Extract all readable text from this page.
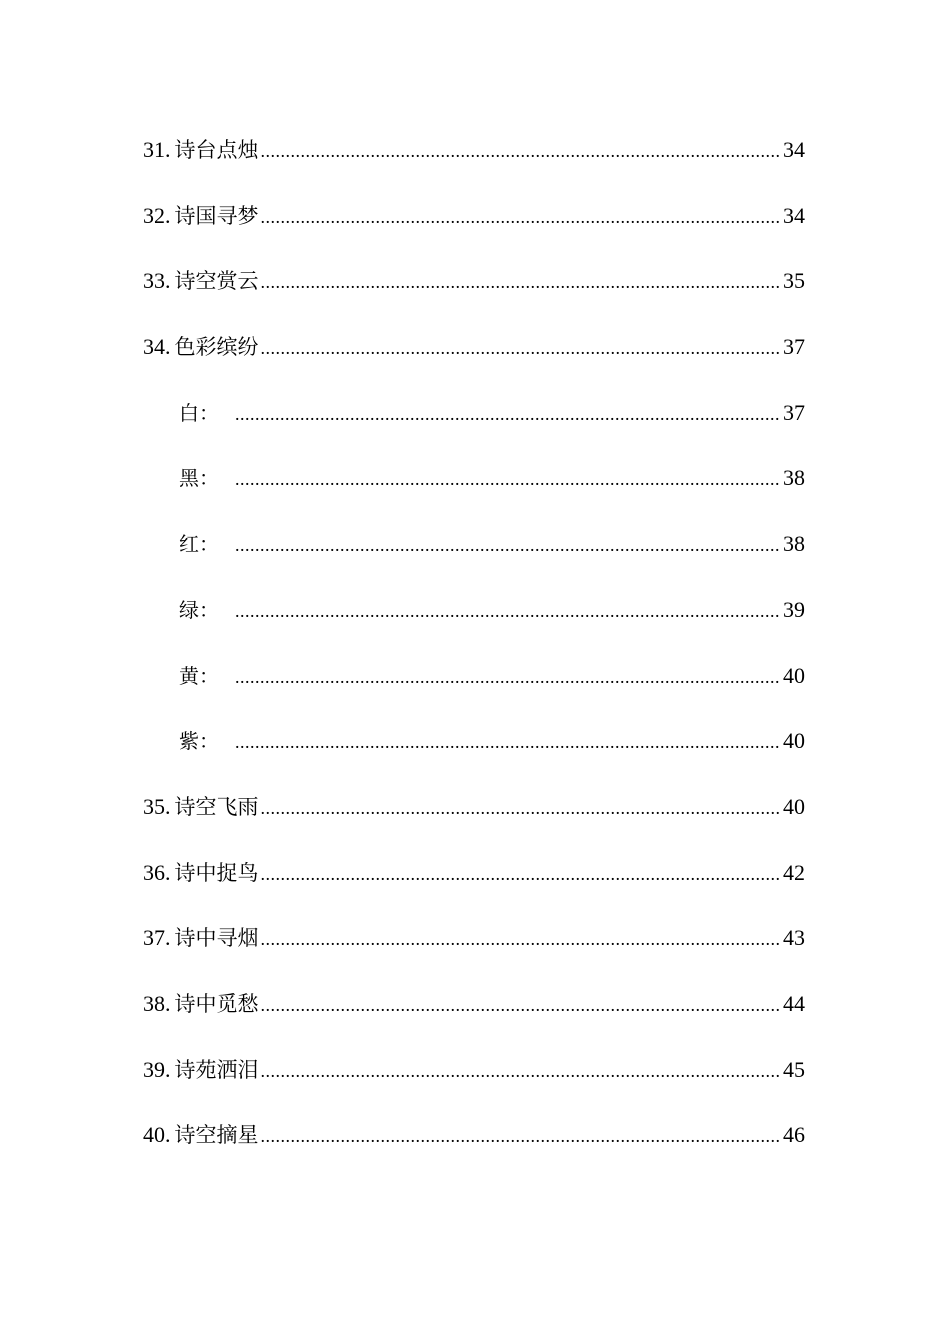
31. 诗台点烛 .....	34
32. 诗国寻梦 .....	34
33. 诗空赏云 .....	35
34. 色彩缤纷 .....	37
白： .....	37
黑： .....	38
红： .....	38
绿： .....	39
黄： .....	40
紫： .....	40
35. 诗空飞雨 .....	40
36. 诗中捉鸟 .....	42
37. 诗中寻烟 .....	43
38. 诗中觅愁 .....	44
39. 诗苑洒泪 .....	45
40. 诗空摘星 .....	46
